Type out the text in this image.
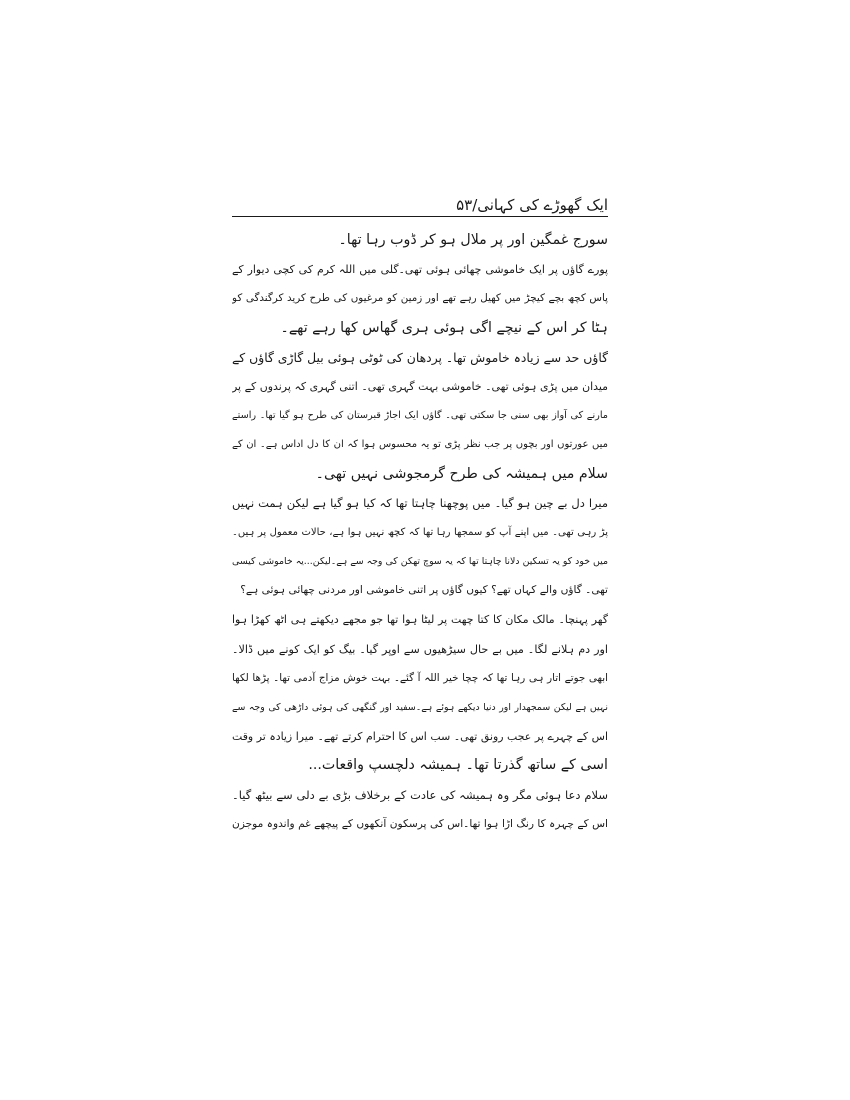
ایک گھوڑے کی کہانی/۵۳
سورج غمگین اور پر ملال ہو کر ڈوب رہا تھا۔
پورے گاؤں پر ایک خاموشی چھائی ہوئی تھی۔گلی میں اللہ کرم کی کچی دیوار کے
پاس کچھ بچے کیچڑ میں کھیل رہے تھے اور زمین کو مرغیوں کی طرح کرید کرگندگی کو
ہٹا کر اس کے نیچے اگی ہوئی ہری گھاس کھا رہے تھے۔
گاؤں حد سے زیادہ خاموش تھا۔ پردھان کی ٹوٹی ہوئی بیل گاڑی گاؤں کے
میدان میں پڑی ہوئی تھی۔ خاموشی بہت گہری تھی۔ اتنی گہری کہ پرندوں کے پر
مارنے کی آواز بھی سنی جا سکتی تھی۔ گاؤں ایک اجاڑ قبرستان کی طرح ہو گیا تھا۔ راستے
میں عورتوں اور بچوں پر جب نظر پڑی تو یہ محسوس ہوا کہ ان کا دل اداس ہے۔ ان کے
سلام میں ہمیشہ کی طرح گرمجوشی نہیں تھی۔
میرا دل بے چین ہو گیا۔ میں پوچھنا چاہتا تھا کہ کیا ہو گیا ہے لیکن ہمت نہیں
پڑ رہی تھی۔ میں اپنے آپ کو سمجھا رہا تھا کہ کچھ نہیں ہوا ہے، حالات معمول پر ہیں۔
میں خود کو یہ تسکین دلانا چاہتا تھا کہ یہ سوچ تھکن کی وجہ سے ہے۔لیکن...یہ خاموشی کیسی
تھی۔ گاؤں والے کہاں تھے؟ کیوں گاؤں پر اتنی خاموشی اور مردنی چھائی ہوئی ہے؟
گھر پہنچا۔ مالک مکان کا کتا چھت پر لیٹا ہوا تھا جو مجھے دیکھتے ہی اٹھ کھڑا ہوا
اور دم ہلانے لگا۔ میں بے حال سیڑھیوں سے اوپر گیا۔ بیگ کو ایک کونے میں ڈالا۔
ابھی جوتے اتار ہی رہا تھا کہ چچا خیر اللہ آ گئے۔ بہت خوش مزاج آدمی تھا۔ پڑھا لکھا
نہیں ہے لیکن سمجھدار اور دنیا دیکھے ہوئے ہے۔سفید اور گنگھی کی ہوئی داڑھی کی وجہ سے
اس کے چہرے پر عجب رونق تھی۔ سب اس کا احترام کرتے تھے۔ میرا زیادہ تر وقت
اسی کے ساتھ گذرتا تھا۔ ہمیشہ دلچسپ واقعات...
سلام دعا ہوئی مگر وہ ہمیشہ کی عادت کے برخلاف بڑی بے دلی سے بیٹھ گیا۔
اس کے چہرہ کا رنگ اڑا ہوا تھا۔اس کی پرسکون آنکھوں کے پیچھے غم واندوہ موجزن
